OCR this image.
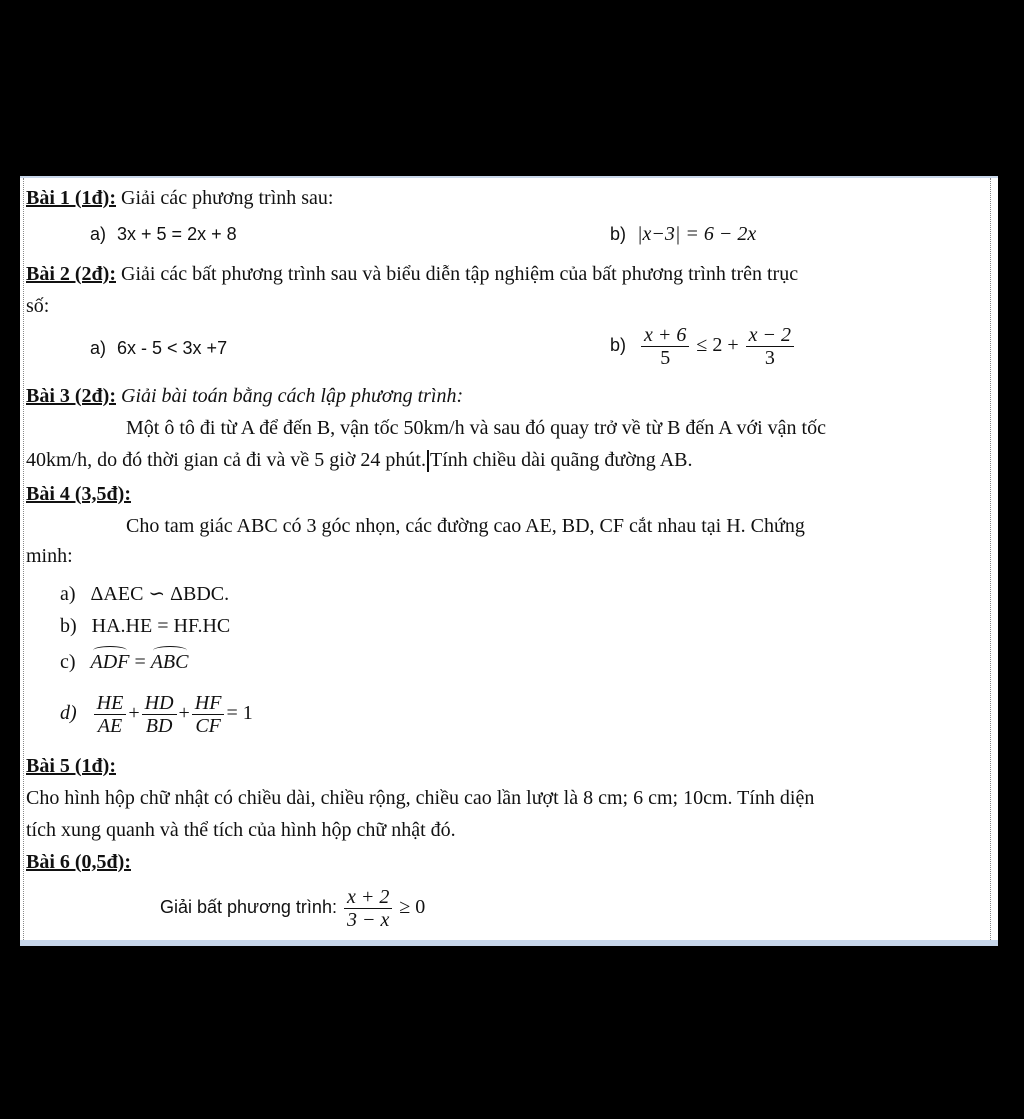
Bài 1 (1đ): Giải các phương trình sau:
a) 3x + 5 = 2x + 8	b) |x−3| = 6 − 2x
Bài 2 (2đ): Giải các bất phương trình sau và biểu diễn tập nghiệm của bất phương trình trên trục
số:
a) 6x - 5 < 3x +7	$b) \frac{x + 6}{5} \le 2 + \frac{x - 2}{3}$
Bài 3 (2đ): Giải bài toán bằng cách lập phương trình:
Một ô tô đi từ A để đến B, vận tốc 50km/h và sau đó quay trở về từ B đến A với vận tốc
40km/h, do đó thời gian cả đi và về 5 giờ 24 phút. Tính chiều dài quãng đường AB.
Bài 4 (3,5đ):
Cho tam giác ABC có 3 góc nhọn, các đường cao AE, BD, CF cắt nhau tại H. Chứng
minh:
a) ΔAEC ∽ ΔBDC.
b) HA.HE = HF.HC
c) ADF = ABC
$d) \frac{HE}{AE} + \frac{HD}{BD} + \frac{HF}{CF} = 1$
Bài 5 (1đ):
Cho hình hộp chữ nhật có chiều dài, chiều rộng, chiều cao lần lượt là 8 cm; 6 cm; 10cm. Tính diện
tích xung quanh và thể tích của hình hộp chữ nhật đó.
Bài 6 (0,5đ):
Giải bất phương trình: $\frac{x + 2}{3 - x} \ge 0$
